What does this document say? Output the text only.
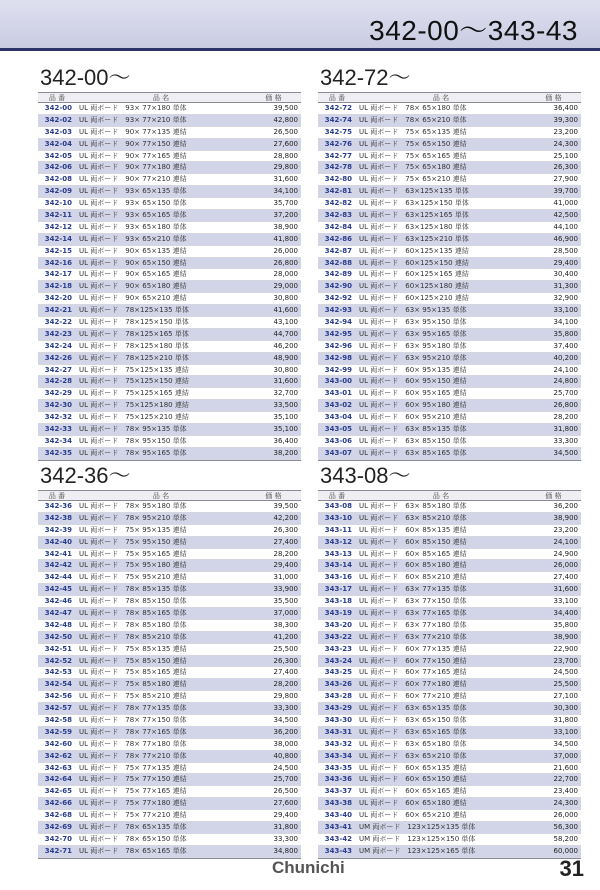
342-00～343-43
342-00～
品 番	品 名	価 格
342-00	UL 両ボード　93× 77×180 単体	39,500
342-02	UL 両ボード　93× 77×210 単体	42,800
342-03	UL 両ボード　90× 77×135 連結	26,500
342-04	UL 両ボード　90× 77×150 連結	27,600
342-05	UL 両ボード　90× 77×165 連結	28,800
342-06	UL 両ボード　90× 77×180 連結	29,800
342-08	UL 両ボード　90× 77×210 連結	31,600
342-09	UL 両ボード　93× 65×135 単体	34,100
342-10	UL 両ボード　93× 65×150 単体	35,700
342-11	UL 両ボード　93× 65×165 単体	37,200
342-12	UL 両ボード　93× 65×180 単体	38,900
342-14	UL 両ボード　93× 65×210 単体	41,800
342-15	UL 両ボード　90× 65×135 連結	26,000
342-16	UL 両ボード　90× 65×150 連結	26,800
342-17	UL 両ボード　90× 65×165 連結	28,000
342-18	UL 両ボード　90× 65×180 連結	29,000
342-20	UL 両ボード　90× 65×210 連結	30,800
342-21	UL 両ボード　78×125×135 単体	41,600
342-22	UL 両ボード　78×125×150 単体	43,100
342-23	UL 両ボード　78×125×165 単体	44,700
342-24	UL 両ボード　78×125×180 単体	46,200
342-26	UL 両ボード　78×125×210 単体	48,900
342-27	UL 両ボード　75×125×135 連結	30,800
342-28	UL 両ボード　75×125×150 連結	31,600
342-29	UL 両ボード　75×125×165 連結	32,700
342-30	UL 両ボード　75×125×180 連結	33,500
342-32	UL 両ボード　75×125×210 連結	35,100
342-33	UL 両ボード　78× 95×135 単体	35,100
342-34	UL 両ボード　78× 95×150 単体	36,400
342-35	UL 両ボード　78× 95×165 単体	38,200
342-72～
品 番	品 名	価 格
342-72	UL 両ボード　78× 65×180 単体	36,400
342-74	UL 両ボード　78× 65×210 単体	39,300
342-75	UL 両ボード　75× 65×135 連結	23,200
342-76	UL 両ボード　75× 65×150 連結	24,300
342-77	UL 両ボード　75× 65×165 連結	25,100
342-78	UL 両ボード　75× 65×180 連結	26,300
342-80	UL 両ボード　75× 65×210 連結	27,900
342-81	UL 両ボード　63×125×135 単体	39,700
342-82	UL 両ボード　63×125×150 単体	41,000
342-83	UL 両ボード　63×125×165 単体	42,500
342-84	UL 両ボード　63×125×180 単体	44,100
342-86	UL 両ボード　63×125×210 単体	46,900
342-87	UL 両ボード　60×125×135 連結	28,500
342-88	UL 両ボード　60×125×150 連結	29,400
342-89	UL 両ボード　60×125×165 連結	30,400
342-90	UL 両ボード　60×125×180 連結	31,300
342-92	UL 両ボード　60×125×210 連結	32,900
342-93	UL 両ボード　63× 95×135 単体	33,100
342-94	UL 両ボード　63× 95×150 単体	34,100
342-95	UL 両ボード　63× 95×165 単体	35,800
342-96	UL 両ボード　63× 95×180 単体	37,400
342-98	UL 両ボード　63× 95×210 単体	40,200
342-99	UL 両ボード　60× 95×135 連結	24,100
343-00	UL 両ボード　60× 95×150 連結	24,800
343-01	UL 両ボード　60× 95×165 連結	25,700
343-02	UL 両ボード　60× 95×180 連結	26,800
343-04	UL 両ボード　60× 95×210 連結	28,200
343-05	UL 両ボード　63× 85×135 単体	31,800
343-06	UL 両ボード　63× 85×150 単体	33,300
343-07	UL 両ボード　63× 85×165 単体	34,500
342-36～
品 番	品 名	価 格
342-36	UL 両ボード　78× 95×180 単体	39,500
342-38	UL 両ボード　78× 95×210 単体	42,200
342-39	UL 両ボード　75× 95×135 連結	26,300
342-40	UL 両ボード　75× 95×150 連結	27,400
342-41	UL 両ボード　75× 95×165 連結	28,200
342-42	UL 両ボード　75× 95×180 連結	29,400
342-44	UL 両ボード　75× 95×210 連結	31,000
342-45	UL 両ボード　78× 85×135 単体	33,900
342-46	UL 両ボード　78× 85×150 単体	35,500
342-47	UL 両ボード　78× 85×165 単体	37,000
342-48	UL 両ボード　78× 85×180 単体	38,300
342-50	UL 両ボード　78× 85×210 単体	41,200
342-51	UL 両ボード　75× 85×135 連結	25,500
342-52	UL 両ボード　75× 85×150 連結	26,300
342-53	UL 両ボード　75× 85×165 連結	27,400
342-54	UL 両ボード　75× 85×180 連結	28,200
342-56	UL 両ボード　75× 85×210 連結	29,800
342-57	UL 両ボード　78× 77×135 単体	33,300
342-58	UL 両ボード　78× 77×150 単体	34,500
342-59	UL 両ボード　78× 77×165 単体	36,200
342-60	UL 両ボード　78× 77×180 単体	38,000
342-62	UL 両ボード　78× 77×210 単体	40,800
342-63	UL 両ボード　75× 77×135 連結	24,500
342-64	UL 両ボード　75× 77×150 連結	25,700
342-65	UL 両ボード　75× 77×165 連結	26,500
342-66	UL 両ボード　75× 77×180 連結	27,600
342-68	UL 両ボード　75× 77×210 連結	29,400
342-69	UL 両ボード　78× 65×135 単体	31,800
342-70	UL 両ボード　78× 65×150 単体	33,300
342-71	UL 両ボード　78× 65×165 単体	34,800
343-08～
品 番	品 名	価 格
343-08	UL 両ボード　63× 85×180 単体	36,200
343-10	UL 両ボード　63× 85×210 単体	38,900
343-11	UL 両ボード　60× 85×135 連結	23,200
343-12	UL 両ボード　60× 85×150 連結	24,100
343-13	UL 両ボード　60× 85×165 連結	24,900
343-14	UL 両ボード　60× 85×180 連結	26,000
343-16	UL 両ボード　60× 85×210 連結	27,400
343-17	UL 両ボード　63× 77×135 単体	31,600
343-18	UL 両ボード　63× 77×150 単体	33,100
343-19	UL 両ボード　63× 77×165 単体	34,400
343-20	UL 両ボード　63× 77×180 単体	35,800
343-22	UL 両ボード　63× 77×210 単体	38,900
343-23	UL 両ボード　60× 77×135 連結	22,900
343-24	UL 両ボード　60× 77×150 連結	23,700
343-25	UL 両ボード　60× 77×165 連結	24,500
343-26	UL 両ボード　60× 77×180 連結	25,500
343-28	UL 両ボード　60× 77×210 連結	27,100
343-29	UL 両ボード　63× 65×135 単体	30,300
343-30	UL 両ボード　63× 65×150 単体	31,800
343-31	UL 両ボード　63× 65×165 単体	33,100
343-32	UL 両ボード　63× 65×180 単体	34,500
343-34	UL 両ボード　63× 65×210 単体	37,000
343-35	UL 両ボード　60× 65×135 連結	21,600
343-36	UL 両ボード　60× 65×150 連結	22,700
343-37	UL 両ボード　60× 65×165 連結	23,400
343-38	UL 両ボード　60× 65×180 連結	24,300
343-40	UL 両ボード　60× 65×210 連結	26,000
343-41	UM 両ボード　123×125×135 単体	56,300
343-42	UM 両ボード　123×125×150 単体	58,200
343-43	UM 両ボード　123×125×165 単体	60,000
Chunichi	31
